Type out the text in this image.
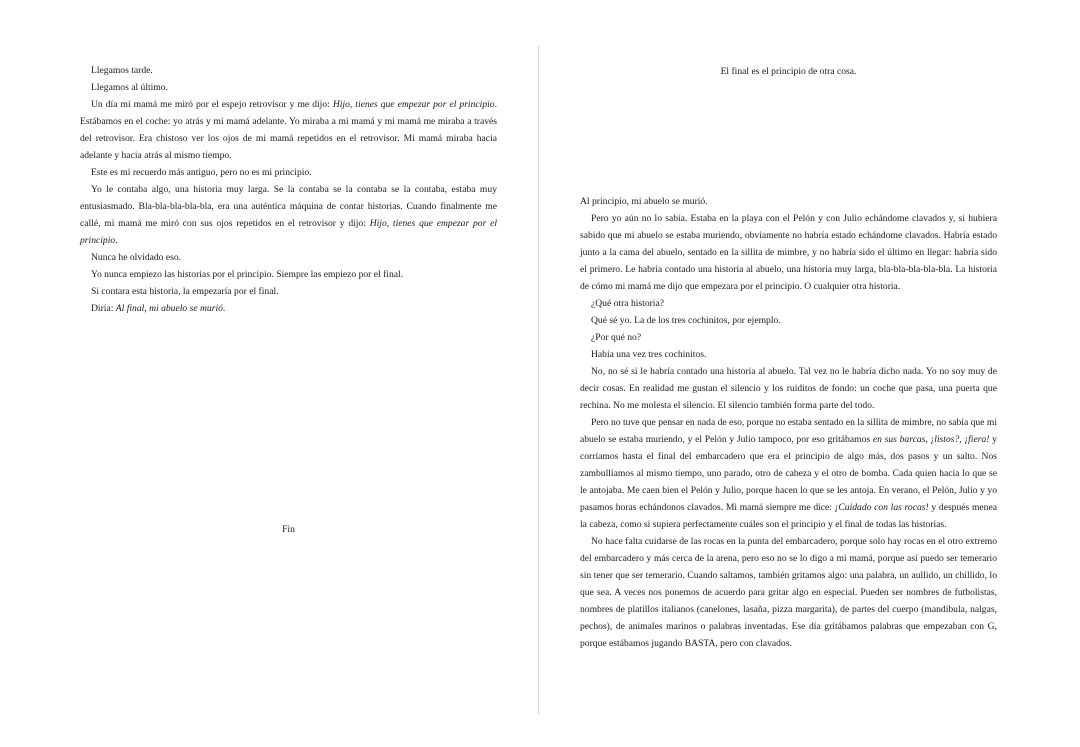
Llegamos tarde.

Llegamos al último.

Un día mi mamá me miró por el espejo retrovisor y me dijo: Hijo, tienes que empezar por el principio. Estábamos en el coche: yo atrás y mi mamá adelante. Yo miraba a mi mamá y mi mamá me miraba a través del retrovisor. Era chistoso ver los ojos de mi mamá repetidos en el retrovisor. Mi mamá miraba hacia adelante y hacia atrás al mismo tiempo.

Este es mi recuerdo más antiguo, pero no es mi principio.

Yo le contaba algo, una historia muy larga. Se la contaba se la contaba se la contaba, estaba muy entusiasmado. Bla-bla-bla-bla-bla, era una auténtica máquina de contar historias. Cuando finalmente me callé, mi mamá me miró con sus ojos repetidos en el retrovisor y dijo: Hijo, tienes que empezar por el principio.

Nunca he olvidado eso.

Yo nunca empiezo las historias por el principio. Siempre las empiezo por el final.

Si contara esta historia, la empezaría por el final.

Diría: Al final, mi abuelo se murió.

Fin
El final es el principio de otra cosa.

Al principio, mi abuelo se murió.

Pero yo aún no lo sabía. Estaba en la playa con el Pelón y con Julio echándome clavados y, si hubiera sabido que mi abuelo se estaba muriendo, obviamente no habría estado echándome clavados. Habría estado junto a la cama del abuelo, sentado en la sillita de mimbre, y no habría sido el último en llegar: habría sido el primero. Le habría contado una historia al abuelo, una historia muy larga, bla-bla-bla-bla-bla. La historia de cómo mi mamá me dijo que empezara por el principio. O cualquier otra historia.

¿Qué otra historia?

Qué sé yo. La de los tres cochinitos, por ejemplo.

¿Por qué no?

Había una vez tres cochinitos.

No, no sé si le habría contado una historia al abuelo. Tal vez no le habría dicho nada. Yo no soy muy de decir cosas. En realidad me gustan el silencio y los ruiditos de fondo: un coche que pasa, una puerta que rechina. No me molesta el silencio. El silencio también forma parte del todo.

Pero no tuve que pensar en nada de eso, porque no estaba sentado en la sillita de mimbre, no sabía que mi abuelo se estaba muriendo, y el Pelón y Julio tampoco, por eso gritábamos en sus barcas, ¡listos?, ¡fiera! y corríamos hasta el final del embarcadero que era el principio de algo más, dos pasos y un salto. Nos zambullíamos al mismo tiempo, uno parado, otro de cabeza y el otro de bomba. Cada quien hacía lo que se le antojaba. Me caen bien el Pelón y Julio, porque hacen lo que se les antoja. En verano, el Pelón, Julio y yo pasamos horas echándonos clavados. Mi mamá siempre me dice: ¡Cuidado con las rocas! y después menea la cabeza, como si supiera perfectamente cuáles son el principio y el final de todas las historias.

No hace falta cuidarse de las rocas en la punta del embarcadero, porque solo hay rocas en el otro extremo del embarcadero y más cerca de la arena, pero eso no se lo digo a mi mamá, porque así puedo ser temerario sin tener que ser temerario. Cuando saltamos, también gritamos algo: una palabra, un aullido, un chillido, lo que sea. A veces nos ponemos de acuerdo para gritar algo en especial. Pueden ser nombres de futbolistas, nombres de platillos italianos (canelones, lasaña, pizza margarita), de partes del cuerpo (mandíbula, nalgas, pechos), de animales marinos o palabras inventadas. Ese día gritábamos palabras que empezaban con G, porque estábamos jugando BASTA, pero con clavados.
